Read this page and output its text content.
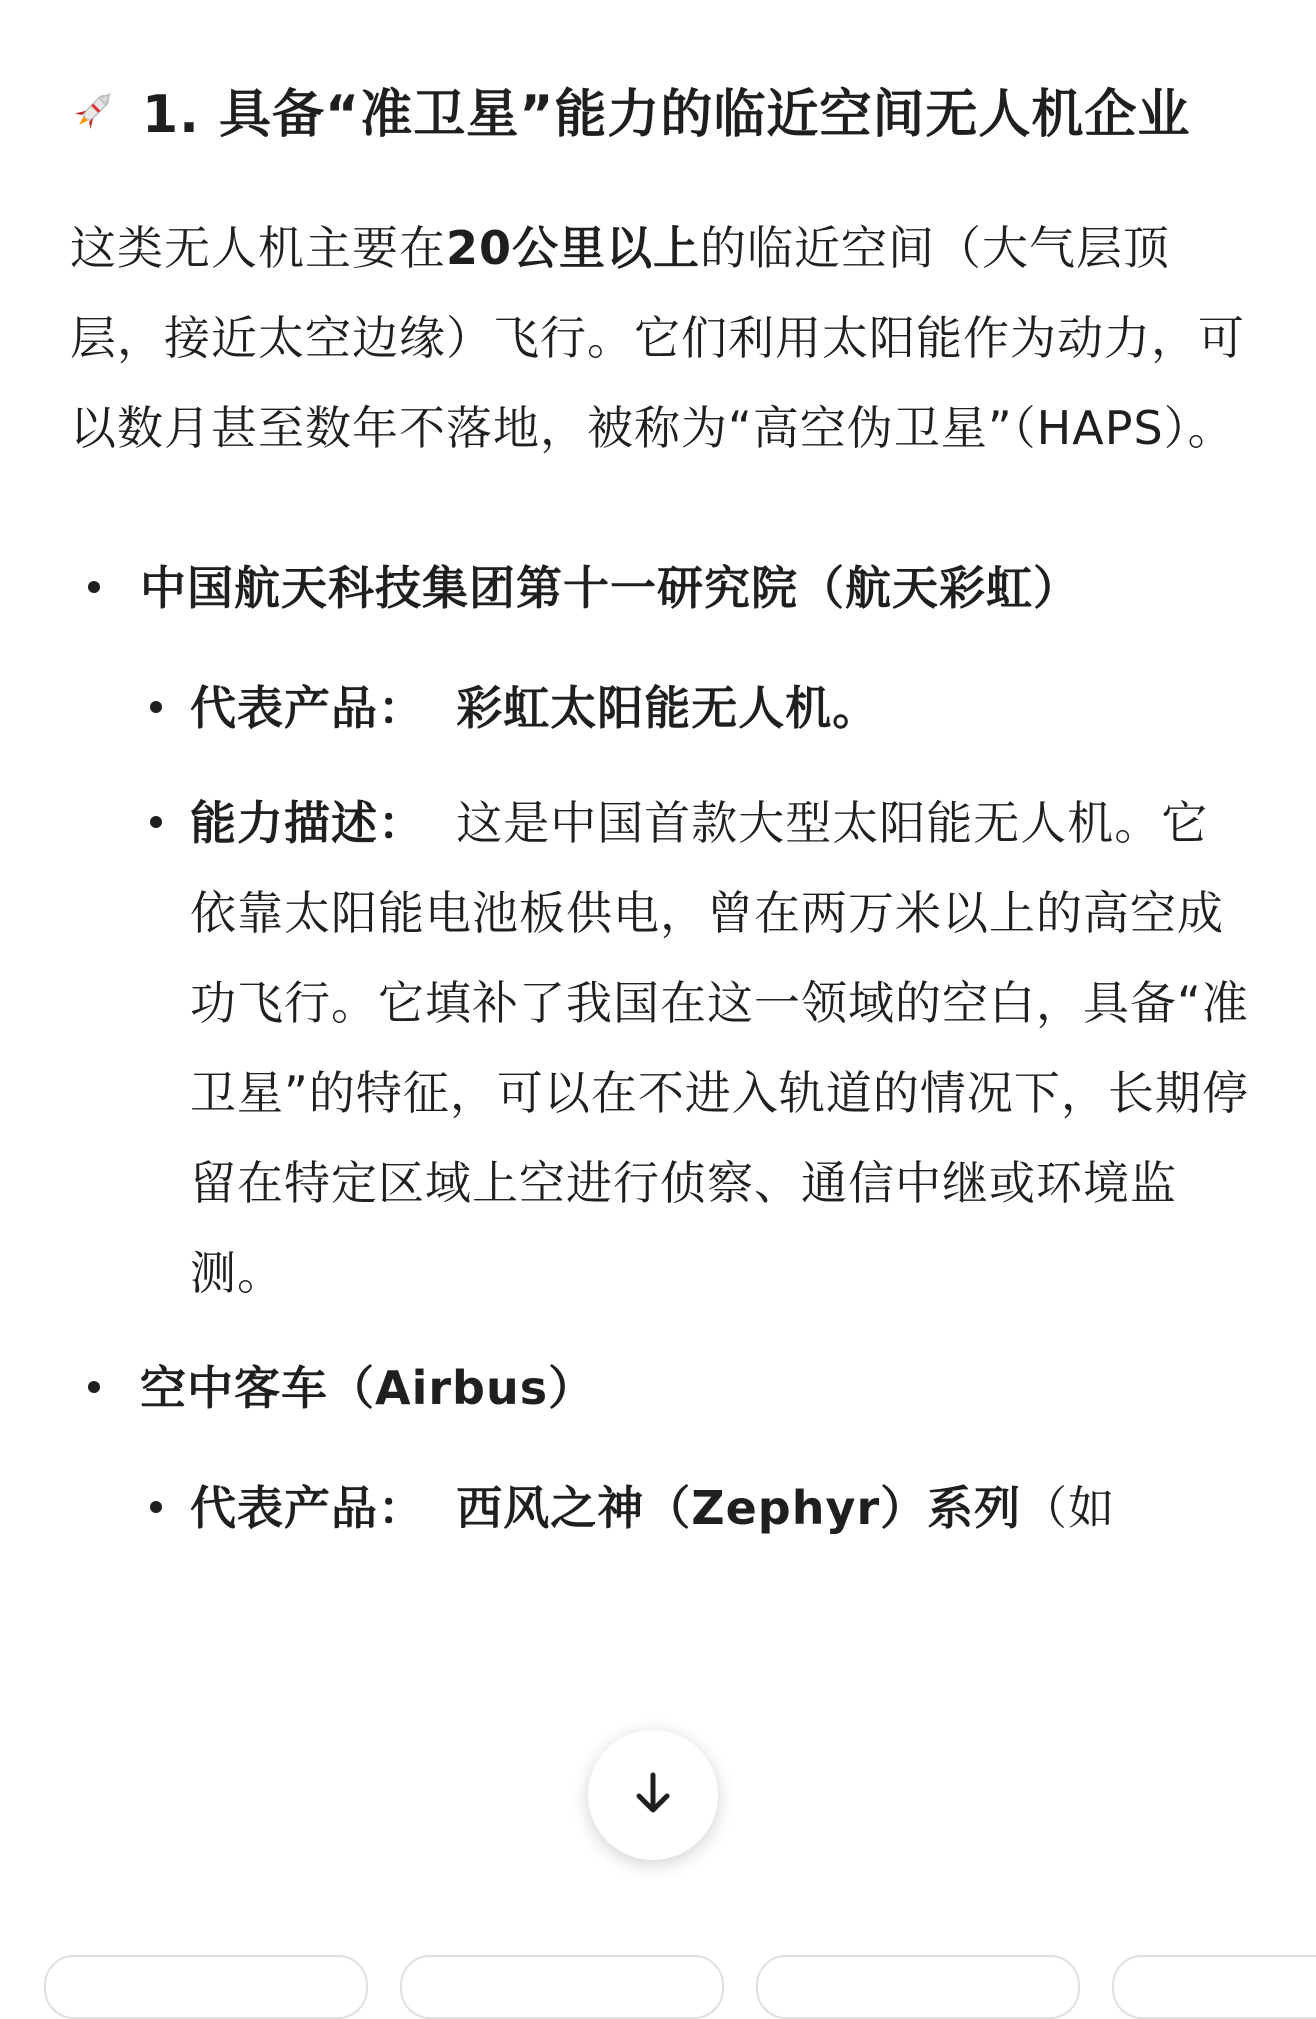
1. 具备“准卫星”能力的临近空间无人机企业

这类无人机主要在20公里以上的临近空间（大气层顶层，接近太空边缘）飞行。它们利用太阳能作为动力，可以数月甚至数年不落地，被称为“高空伪卫星”（HAPS）。

中国航天科技集团第十一研究院（航天彩虹）
代表产品： 彩虹太阳能无人机。
能力描述： 这是中国首款大型太阳能无人机。它依靠太阳能电池板供电，曾在两万米以上的高空成功飞行。它填补了我国在这一领域的空白，具备“准卫星”的特征，可以在不进入轨道的情况下，长期停留在特定区域上空进行侦察、通信中继或环境监测。
空中客车（Airbus）
代表产品： 西风之神（Zephyr）系列（如
